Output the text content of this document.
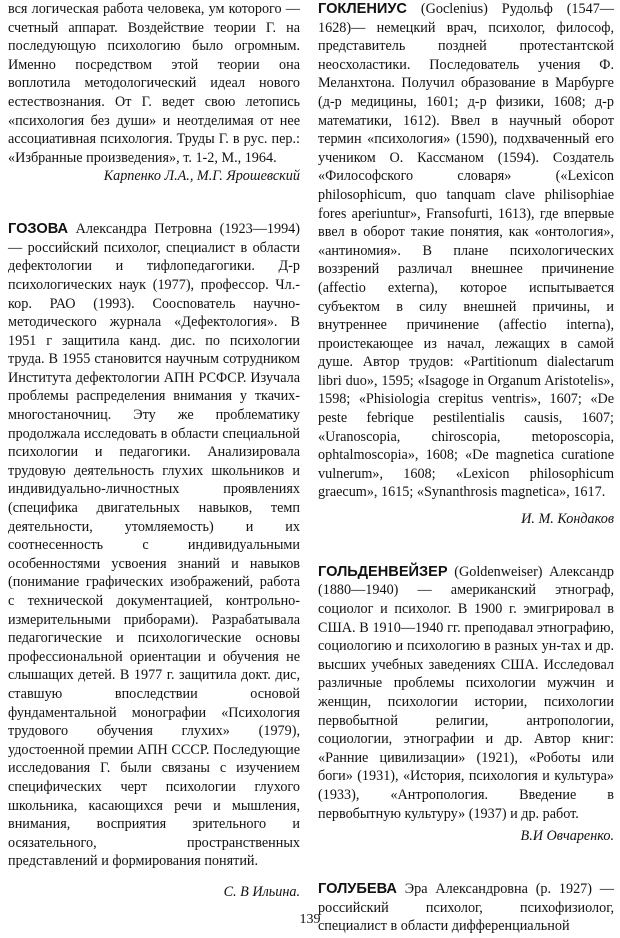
вся логическая работа человека, ум которого — счетный аппарат. Воздействие теории Г. на последующую психологию было огромным. Именно посредством этой теории она воплотила методологический идеал нового естествознания. От Г. ведет свою летопись «психология без души» и неотделимая от нее ассоциативная психология. Труды Г. в рус. пер.: «Избранные произведения», т. 1-2, М., 1964.

Карпенко Л.А., М.Г. Ярошевский

ГОЗОВА Александра Петровна (1923—1994) — российский психолог, специалист в области дефектологии и тифлопедагогики. Д-р психологических наук (1977), профессор. Чл.-кор. РАО (1993). Соосnователь научно-методического журнала «Дефектология». В 1951 г защитила канд. дис. по психологии труда. В 1955 становится научным сотрудником Института дефектологии АПН РСФСР. Изучала проблемы распределения внимания у ткачих-многостаночниц. Эту же проблематику продолжала исследовать в области специальной психологии и педагогики. Анализировала трудовую деятельность глухих школьников и индивидуально-личностных проявлениях (специфика двигательных навыков, темп деятельности, утомляемость) и их соотнесенность с индивидуальными особенностями усвоения знаний и навыков (понимание графических изображений, работа с технической документацией, контрольно-измерительными приборами). Разрабатывала педагогические и психологические основы профессиональной ориентации и обучения не слышащих детей. В 1977 г. защитила докт. дис, ставшую впоследствии основой фундаментальной монографии «Психология трудового обучения глухих» (1979), удостоенной премии АПН СССР. Последующие исследования Г. были связаны с изучением специфических черт психологии глухого школьника, касающихся речи и мышления, внимания, восприятия зрительного и осязательного, пространственных представлений и формирования понятий.

С. В Ильина.

ГОКЛЕНИУС (Goclenius) Рудольф (1547—1628)— немецкий врач, психолог, философ, представитель поздней протестантской неосхоластики. Последователь учения Ф. Меланхтона. Получил образование в Марбурге (д-р медицины, 1601; д-р физики, 1608; д-р математики, 1612). Ввел в научный оборот термин «психология» (1590), подхваченный его учеником О. Кассманом (1594). Создатель «Философского словаря» («Lexicon philosophicum, quo tanquam clave philisophiae fores aperiuntur», Fransofurti, 1613), где впервые ввел в оборот такие понятия, как «онтология», «антиномия». В плане психологических воззрений различал внешнее причинение (affectio externa), которое испытывается субъектом в силу внешней причины, и внутреннее причинение (affectio interna), проистекающее из начал, лежащих в самой душе. Автор трудов: «Partitionum dialectarum libri duo», 1595; «Isagoge in Organum Aristotelis», 1598; «Phisiologia crepitus ventris», 1607; «De peste febrique pestilentialis causis, 1607; «Uranoscopia, chiroscopia, metoposcopia, ophtalmoscopia», 1608; «De magnetica curatione vulnerum», 1608; «Lexicon philosophicum graecum», 1615; «Synanthrosis magnetica», 1617.

И. М. Кондаков

ГОЛЬДЕНВЕЙЗЕР (Goldenweiser) Александр (1880—1940) — американский этнограф, социолог и психолог. В 1900 г. эмигрировал в США. В 1910—1940 гг. преподавал этнографию, социологию и психологию в разных ун-тах и др. высших учебных заведениях США. Исследовал различные проблемы психологии мужчин и женщин, психологии истории, психологии первобытной религии, антропологии, социологии, этнографии и др. Автор книг: «Ранние цивилизации» (1921), «Роботы или боги» (1931), «История, психология и культура» (1933), «Антропология. Введение в первобытную культуру» (1937) и др. работ.

В.И Овчаренко.

ГОЛУБЕВА Эра Александровна (р. 1927) — российский психолог, психофизиолог, специалист в области дифференциальной

139
